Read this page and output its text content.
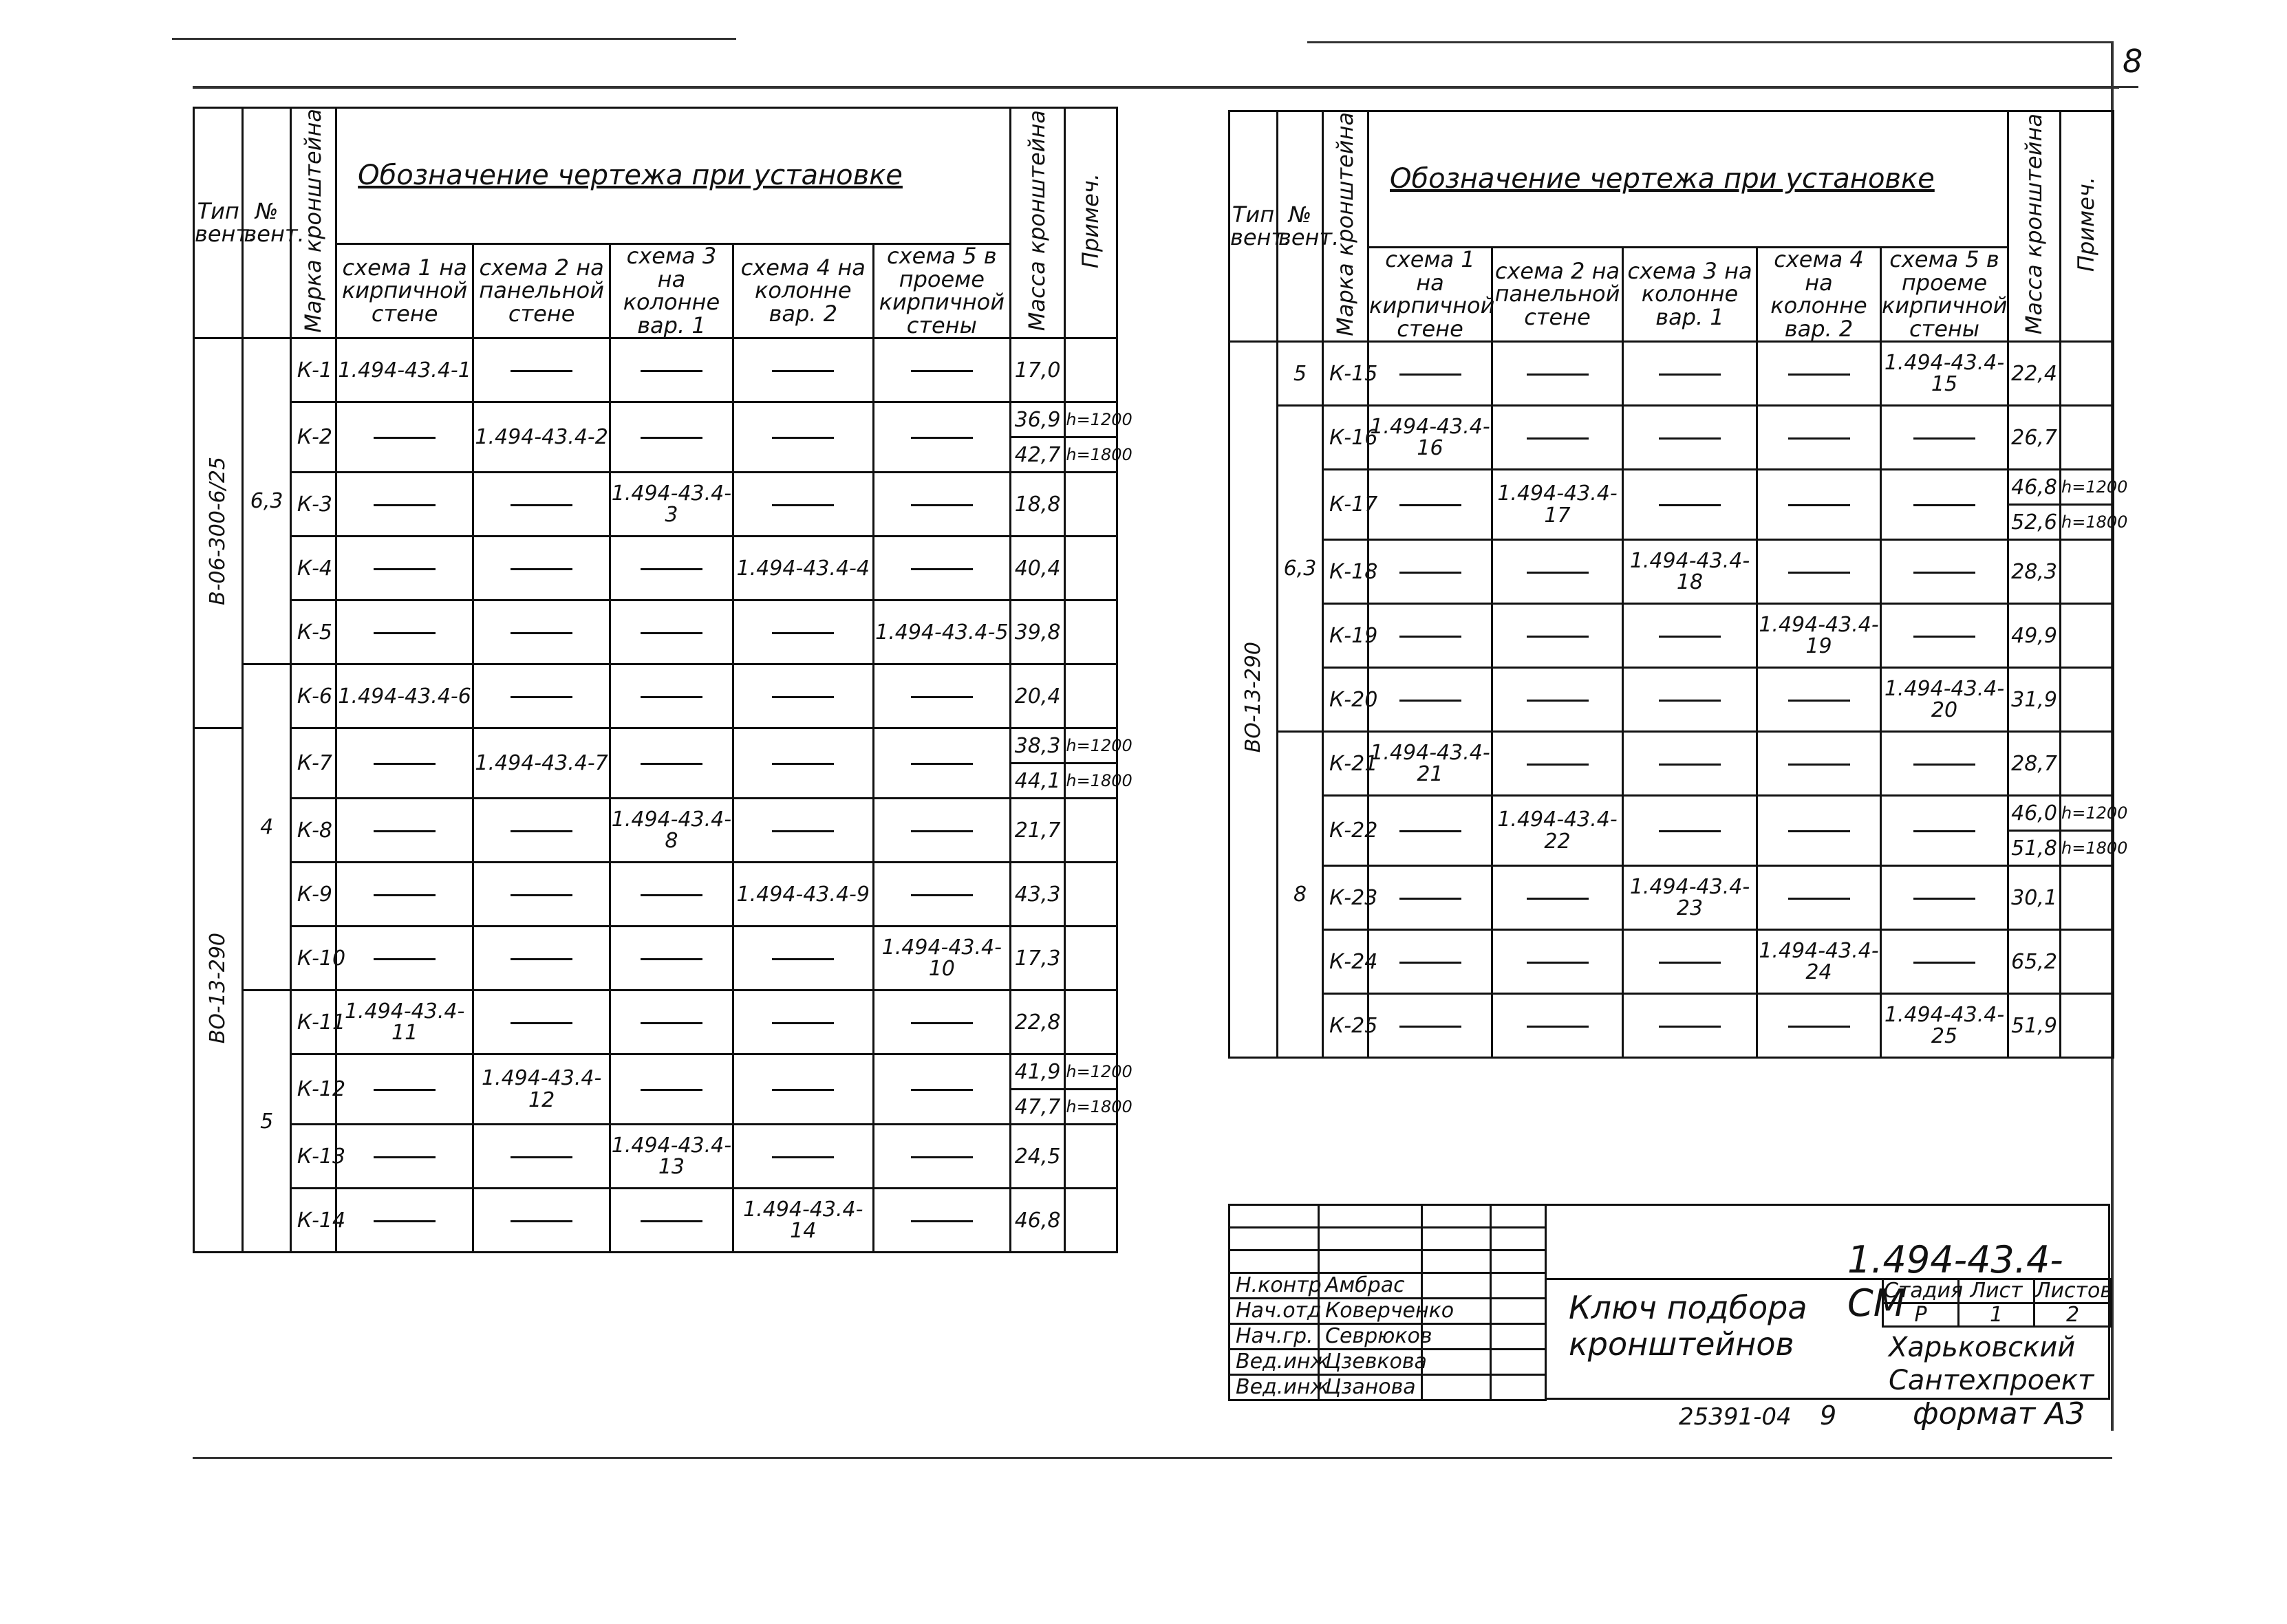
8
Тип вент.	№ вент.	Марка кронштейна	Обозначение чертежа при установке					Масса кронштейна	Примеч.
			схема 1 на кирпичной стене	схема 2 на панельной стене	схема 3 на колонне вар. 1	схема 4 на колонне вар. 2	схема 5 в проеме кирпичной стены		
В-06-300-6/25	6,3	К-1	1.494-43.4-1					17,0	
		К-2		1.494-43.4-2				36,9	h=1200
								42,7	h=1800
		К-3			1.494-43.4-3			18,8	
		К-4				1.494-43.4-4		40,4	
		К-5					1.494-43.4-5	39,8	
	4	К-6	1.494-43.4-6					20,4	
ВО-13-290		К-7		1.494-43.4-7				38,3	h=1200
								44,1	h=1800
		К-8			1.494-43.4-8			21,7	
		К-9				1.494-43.4-9		43,3	
		К-10					1.494-43.4-10	17,3	
	5	К-11	1.494-43.4-11					22,8	
		К-12		1.494-43.4-12				41,9	h=1200
								47,7	h=1800
		К-13			1.494-43.4-13			24,5	
		К-14				1.494-43.4-14		46,8	
Тип вент.	№ вент.	Марка кронштейна	Обозначение чертежа при установке					Масса кронштейна	Примеч.
			схема 1 на кирпичной стене	схема 2 на панельной стене	схема 3 на колонне вар. 1	схема 4 на колонне вар. 2	схема 5 в проеме кирпичной стены		
ВО-13-290	5	К-15					1.494-43.4-15	22,4	
	6,3	К-16	1.494-43.4-16					26,7	
		К-17		1.494-43.4-17				46,8	h=1200
								52,6	h=1800
		К-18			1.494-43.4-18			28,3	
		К-19				1.494-43.4-19		49,9	
		К-20					1.494-43.4-20	31,9	
	8	К-21	1.494-43.4-21					28,7	
		К-22		1.494-43.4-22				46,0	h=1200
								51,8	h=1800
		К-23			1.494-43.4-23			30,1	
		К-24				1.494-43.4-24		65,2	
		К-25					1.494-43.4-25	51,9	

Н.контр	Амбрас		
Нач.отд	Коверченко		
Нач.гр.	Севрюков		
Вед.инж	Цзевкова		
Вед.инж	Цзанова		
1.494-43.4-СМ
Ключ подбора кронштейнов
Стадия	Лист	Листов
Р	1	2
Харьковский Сантехпроект
25391-04 9	формат А3
